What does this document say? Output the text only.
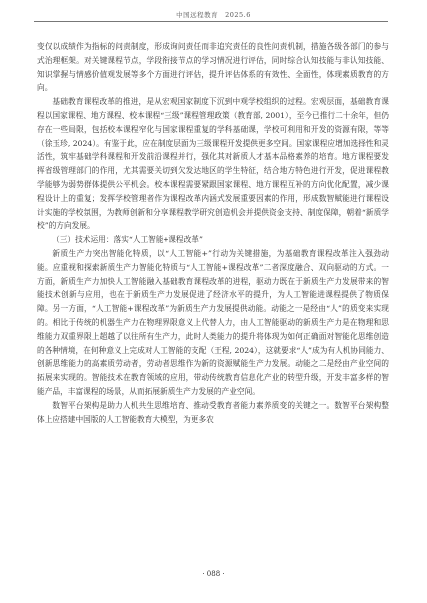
中国远程教育  2025.6

变仅以成绩作为指标的问责制度，形成询问责任而非追究责任的良性问责机制，措施各级各部门的参与式治理框架。对关键课程节点，学段衔接节点的学习情况进行评估，同时综合认知技能与非认知技能、知识掌握与情感价值观发展等多个方面进行评估，提升评估体系的有效性、全面性，体现素质教育的方向。

基础教育课程改革的推进，是从宏观国家制度下沉到中观学校组织的过程。宏观层面，基础教育课程以国家课程、地方课程、校本课程“三级”课程管理政策（教育部, 2001），至今已推行二十余年，但仍存在一些局限，包括校本课程窄化与国家课程重复的学科基础课，学校可利用和开发的资源有限，等等（徐玉珍, 2024）。有鉴于此，应在制度层面为三级课程开发提供更多空间。国家课程应增加选择性和灵活性，筑牢基础学科课程和开发前沿课程并行，强化其对新质人才基本品格素养的培育。地方课程要发挥省级管理部门的作用，尤其需要关切到欠发达地区的学生特征，结合地方特色进行开发，促进课程教学能够为弱势群体提供公平机会。校本课程需要紧跟国家课程、地方课程互补的方向优化配置，减少课程设计上的重复；发挥学校管理者作为课程改革内涵式发展重要因素的作用，形成数智赋能进行课程设计实施的学校氛围，为教师创新和分享课程教学研究创造机会并提供资金支持、制度保障，朝着“新质学校”的方向发展。

（三）技术运用：落实“人工智能+课程改革”

新质生产力突出智能化特质，以“人工智能+”行动为关键措施，为基础教育课程改革注入强劲动能。应重视和探索新质生产力智能化特质与“人工智能+课程改革”二者深度融合、双向驱动的方式。一方面，新质生产力加快人工智能融入基础教育课程改革的进程，驱动力既在于新质生产力发展带来的智能技术创新与应用，也在于新质生产力发展促进了经济水平的提升，为人工智能进课程提供了物质保障。另一方面，“人工智能+课程改革”为新质生产力发展提供动能。动能之一是经由“人”的质变来实现的。相比于传统的机器生产力在物理界限意义上代替人力，由人工智能驱动的新质生产力是在物理和思维能力双重界限上超越了以往所有生产力，此时人类能力的提升将体现为如何正确面对智能化思维创造的各种情境，在何种意义上完成对人工智能的支配（王程, 2024），这就要求“人”成为有人机协同能力、创新思维能力的高素质劳动者，劳动者思维作为新的资源赋能生产力发展。动能之二是经由产业空间的拓展来实现的。智能技术在教育领域的应用，带动传统教育信息化产业的转型升级，开发丰富多样的智能产品，丰富课程的场景，从而拓展新质生产力发展的产业空间。

数智平台架构是助力人机共生思维培育、推动受教育者能力素养质变的关键之一。数智平台架构整体上应搭建中国版的人工智能教育大模型，为更多农

· 088 ·
